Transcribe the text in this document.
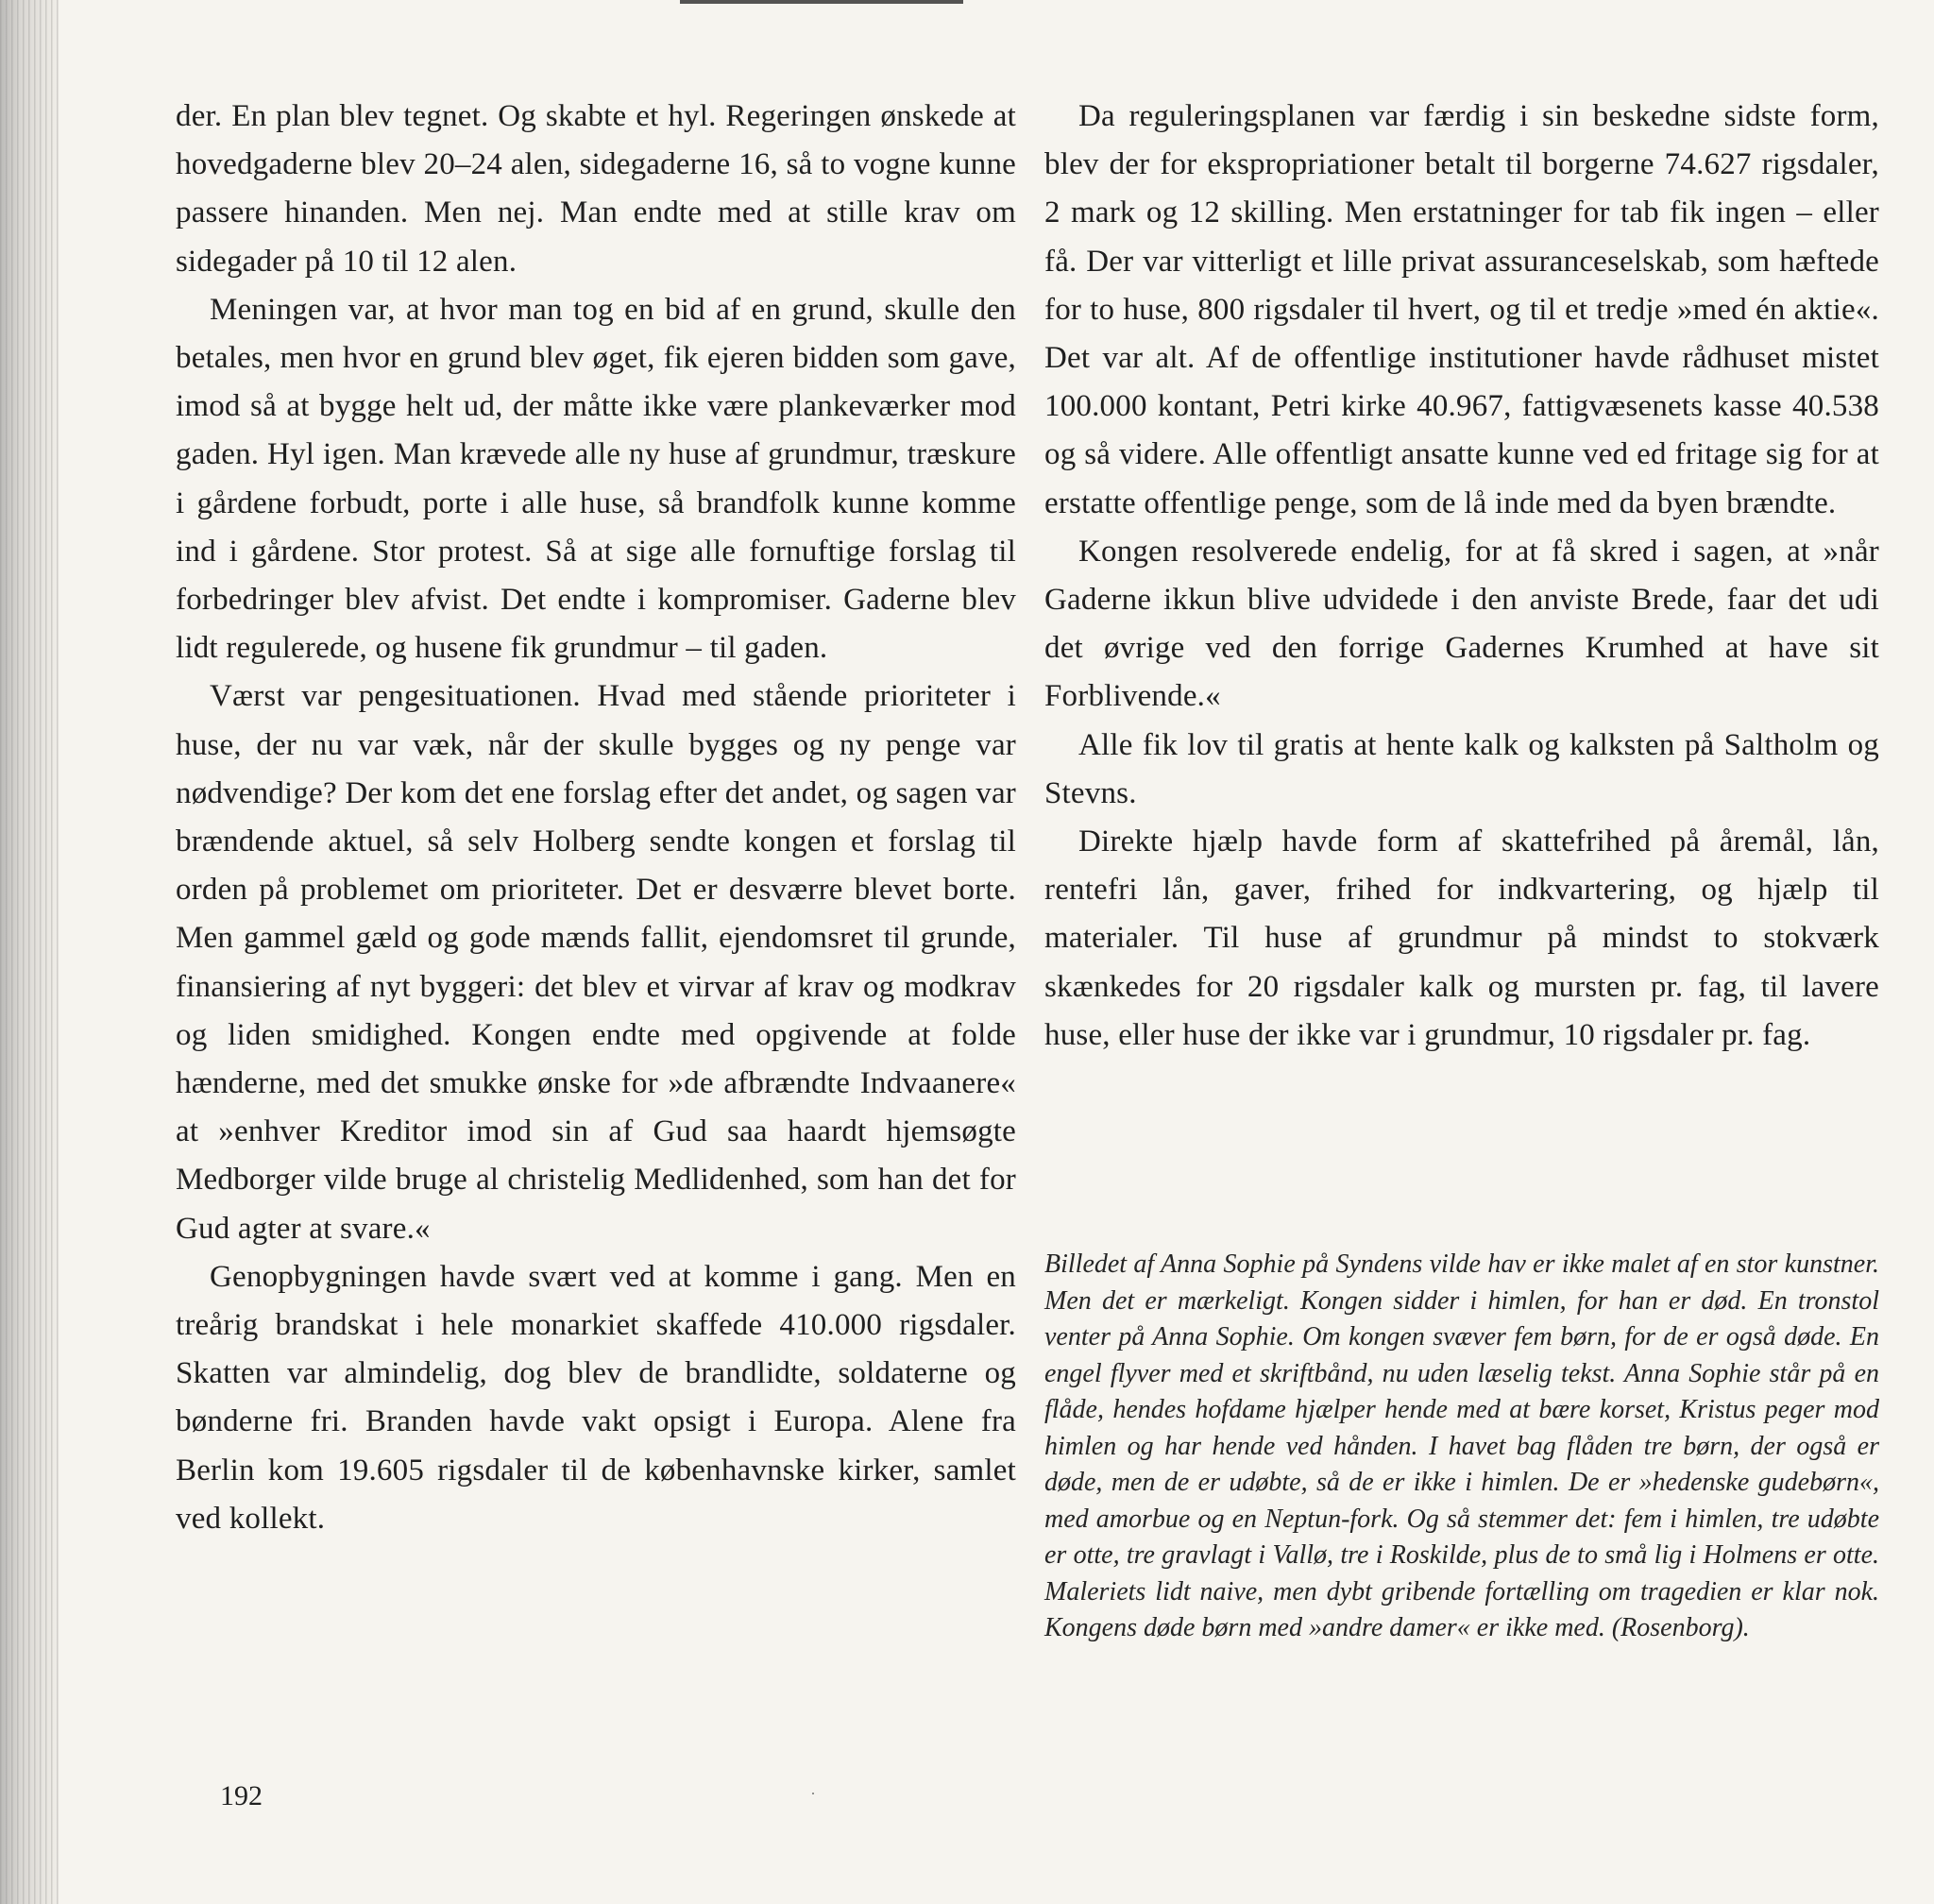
der. En plan blev tegnet. Og skabte et hyl. Regeringen ønskede at hovedgaderne blev 20–24 alen, sidegaderne 16, så to vogne kunne passere hinanden. Men nej. Man endte med at stille krav om sidegader på 10 til 12 alen.

Meningen var, at hvor man tog en bid af en grund, skulle den betales, men hvor en grund blev øget, fik ejeren bidden som gave, imod så at bygge helt ud, der måtte ikke være plankeværker mod gaden. Hyl igen. Man krævede alle ny huse af grundmur, træskure i gårdene forbudt, porte i alle huse, så brandfolk kunne komme ind i gårdene. Stor protest. Så at sige alle fornuftige forslag til forbedringer blev afvist. Det endte i kompromiser. Gaderne blev lidt regulerede, og husene fik grundmur – til gaden.

Værst var pengesituationen. Hvad med stående prioriteter i huse, der nu var væk, når der skulle bygges og ny penge var nødvendige? Der kom det ene forslag efter det andet, og sagen var brændende aktuel, så selv Holberg sendte kongen et forslag til orden på problemet om prioriteter. Det er desværre blevet borte. Men gammel gæld og gode mænds fallit, ejendomsret til grunde, finansiering af nyt byggeri: det blev et virvar af krav og modkrav og liden smidighed. Kongen endte med opgivende at folde hænderne, med det smukke ønske for »de afbrændte Indvaanere« at »enhver Kreditor imod sin af Gud saa haardt hjemsøgte Medborger vilde bruge al christelig Medlidenhed, som han det for Gud agter at svare.«

Genopbygningen havde svært ved at komme i gang. Men en treårig brandskat i hele monarkiet skaffede 410.000 rigsdaler. Skatten var almindelig, dog blev de brandlidte, soldaterne og bønderne fri. Branden havde vakt opsigt i Europa. Alene fra Berlin kom 19.605 rigsdaler til de københavnske kirker, samlet ved kollekt.

Da reguleringsplanen var færdig i sin beskedne sidste form, blev der for ekspropriationer betalt til borgerne 74.627 rigsdaler, 2 mark og 12 skilling. Men erstatninger for tab fik ingen – eller få. Der var vitterligt et lille privat assuranceselskab, som hæftede for to huse, 800 rigsdaler til hvert, og til et tredje »med én aktie«. Det var alt. Af de offentlige institutioner havde rådhuset mistet 100.000 kontant, Petri kirke 40.967, fattigvæsenets kasse 40.538 og så videre. Alle offentligt ansatte kunne ved ed fritage sig for at erstatte offentlige penge, som de lå inde med da byen brændte.

Kongen resolverede endelig, for at få skred i sagen, at »når Gaderne ikkun blive udvidede i den anviste Brede, faar det udi det øvrige ved den forrige Gadernes Krumhed at have sit Forblivende.«

Alle fik lov til gratis at hente kalk og kalksten på Saltholm og Stevns.

Direkte hjælp havde form af skattefrihed på åremål, lån, rentefri lån, gaver, frihed for indkvartering, og hjælp til materialer. Til huse af grundmur på mindst to stokværk skænkedes for 20 rigsdaler kalk og mursten pr. fag, til lavere huse, eller huse der ikke var i grundmur, 10 rigsdaler pr. fag.

Billedet af Anna Sophie på Syndens vilde hav er ikke malet af en stor kunstner. Men det er mærkeligt. Kongen sidder i himlen, for han er død. En tronstol venter på Anna Sophie. Om kongen svæver fem børn, for de er også døde. En engel flyver med et skriftbånd, nu uden læselig tekst. Anna Sophie står på en flåde, hendes hofdame hjælper hende med at bære korset, Kristus peger mod himlen og har hende ved hånden. I havet bag flåden tre børn, der også er døde, men de er udøbte, så de er ikke i himlen. De er »hedenske gudebørn«, med amorbue og en Neptun-fork. Og så stemmer det: fem i himlen, tre udøbte er otte, tre gravlagt i Vallø, tre i Roskilde, plus de to små lig i Holmens er otte. Maleriets lidt naive, men dybt gribende fortælling om tragedien er klar nok. Kongens døde børn med »andre damer« er ikke med. (Rosenborg).

192
